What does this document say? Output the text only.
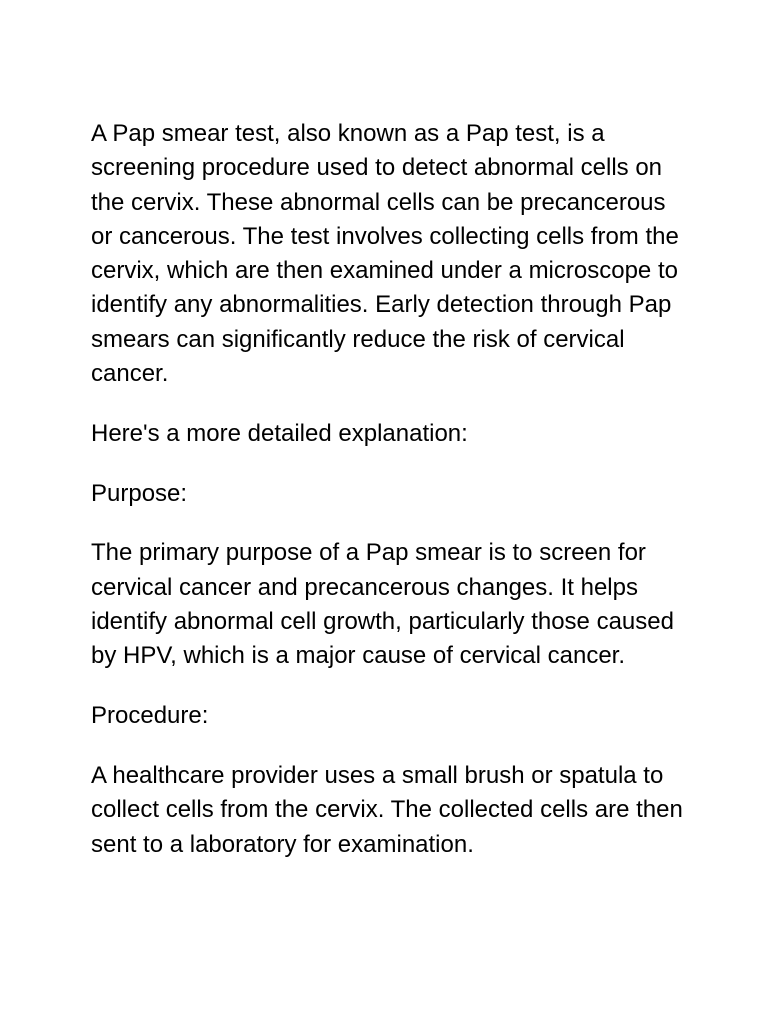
A Pap smear test, also known as a Pap test, is a screening procedure used to detect abnormal cells on the cervix. These abnormal cells can be precancerous or cancerous. The test involves collecting cells from the cervix, which are then examined under a microscope to identify any abnormalities. Early detection through Pap smears can significantly reduce the risk of cervical cancer.

Here's a more detailed explanation:

Purpose:

The primary purpose of a Pap smear is to screen for cervical cancer and precancerous changes. It helps identify abnormal cell growth, particularly those caused by HPV, which is a major cause of cervical cancer.

Procedure:

A healthcare provider uses a small brush or spatula to collect cells from the cervix. The collected cells are then sent to a laboratory for examination.
